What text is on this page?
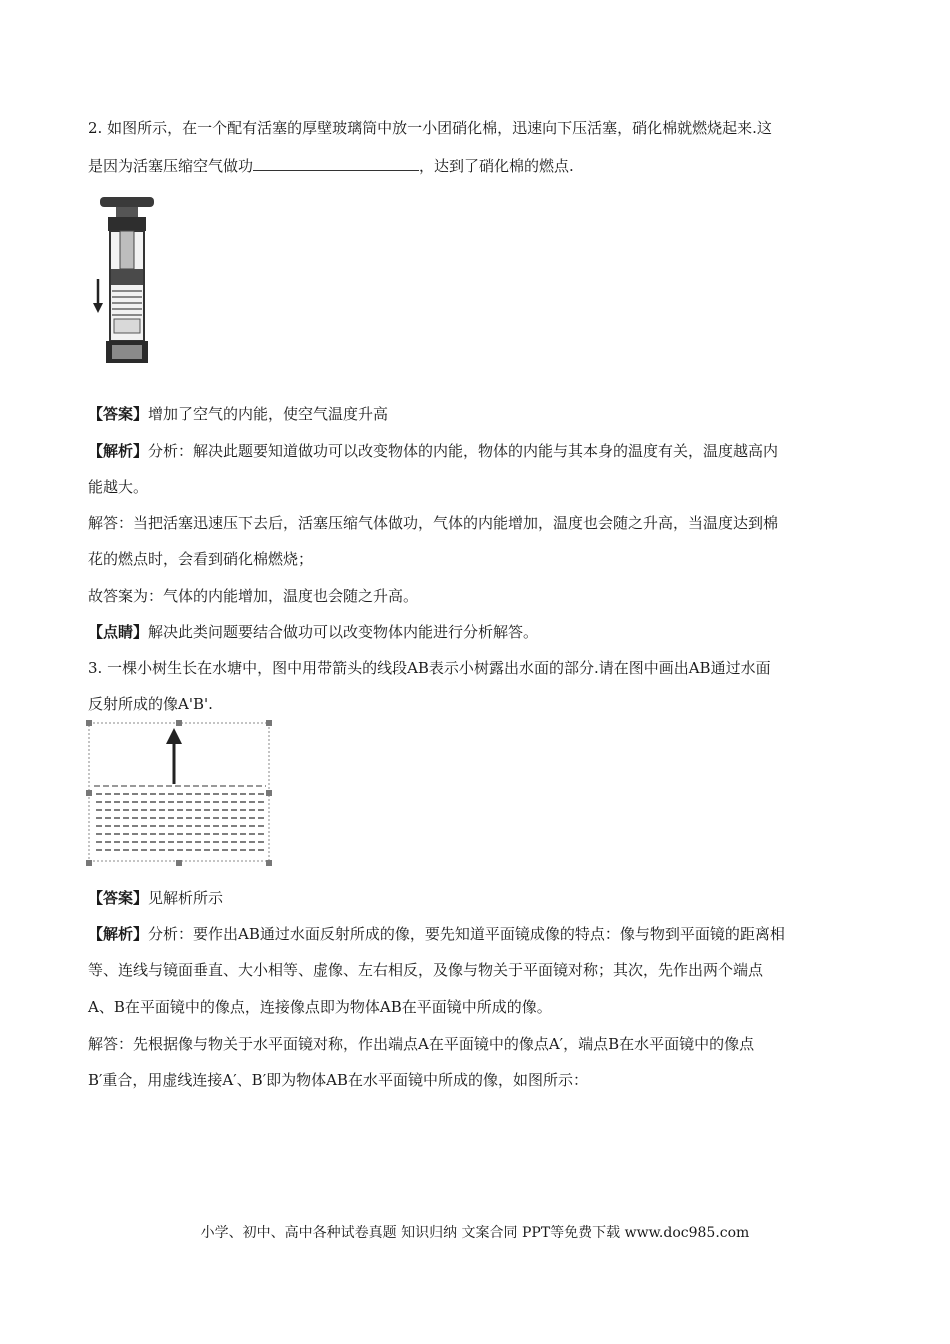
2. 如图所示，在一个配有活塞的厚壁玻璃筒中放一小团硝化棉，迅速向下压活塞，硝化棉就燃烧起来.这
是因为活塞压缩空气做功	，达到了硝化棉的燃点.
【答案】增加了空气的内能，使空气温度升高
【解析】分析：解决此题要知道做功可以改变物体的内能，物体的内能与其本身的温度有关，温度越高内
能越大。
解答：当把活塞迅速压下去后，活塞压缩气体做功，气体的内能增加，温度也会随之升高，当温度达到棉
花的燃点时，会看到硝化棉燃烧；
故答案为：气体的内能增加，温度也会随之升高。
【点睛】解决此类问题要结合做功可以改变物体内能进行分析解答。
3. 一棵小树生长在水塘中，图中用带箭头的线段AB表示小树露出水面的部分.请在图中画出AB通过水面
反射所成的像A'B'.
【答案】见解析所示
【解析】分析：要作出AB通过水面反射所成的像，要先知道平面镜成像的特点：像与物到平面镜的距离相
等、连线与镜面垂直、大小相等、虚像、左右相反，及像与物关于平面镜对称；其次，先作出两个端点
A、B在平面镜中的像点，连接像点即为物体AB在平面镜中所成的像。
解答：先根据像与物关于水平面镜对称，作出端点A在平面镜中的像点A′，端点B在水平面镜中的像点
B′重合，用虚线连接A′、B′即为物体AB在水平面镜中所成的像，如图所示：
小学、初中、高中各种试卷真题 知识归纳 文案合同 PPT等免费下载 www.doc985.com
